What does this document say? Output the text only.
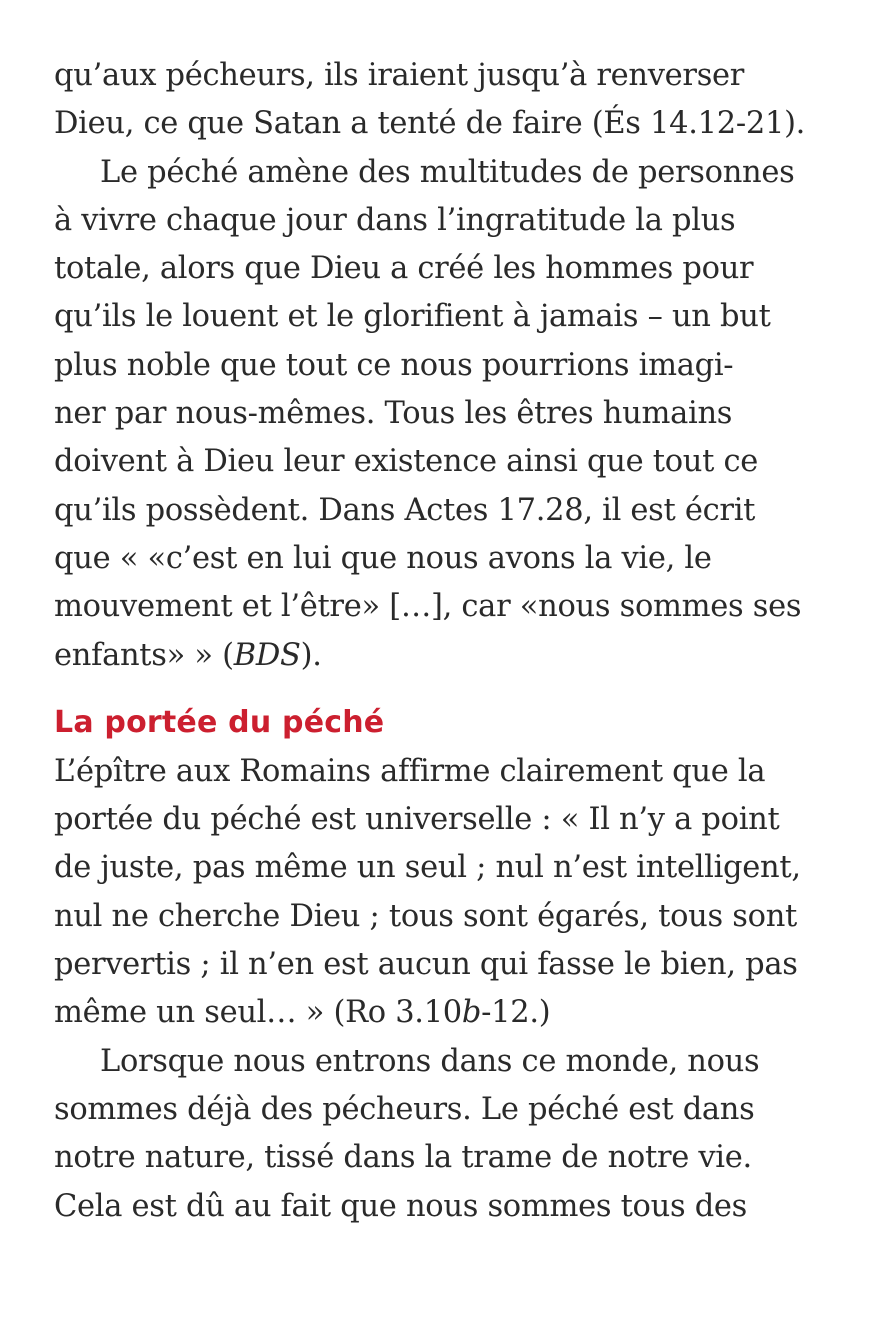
qu’aux pécheurs, ils iraient jusqu’à renverser
Dieu, ce que Satan a tenté de faire (És 14.12-21).
Le péché amène des multitudes de personnes
à vivre chaque jour dans l’ingratitude la plus
totale, alors que Dieu a créé les hommes pour
qu’ils le louent et le glorifient à jamais – un but
plus noble que tout ce nous pourrions imagi-
ner par nous-mêmes. Tous les êtres humains
doivent à Dieu leur existence ainsi que tout ce
qu’ils possèdent. Dans Actes 17.28, il est écrit
que « «c’est en lui que nous avons la vie, le
mouvement et l’être» […], car «nous sommes ses
enfants» » (BDS).
La portée du péché
L’épître aux Romains affirme clairement que la
portée du péché est universelle : « Il n’y a point
de juste, pas même un seul ; nul n’est intelligent,
nul ne cherche Dieu ; tous sont égarés, tous sont
pervertis ; il n’en est aucun qui fasse le bien, pas
même un seul… » (Ro 3.10b-12.)
Lorsque nous entrons dans ce monde, nous
sommes déjà des pécheurs. Le péché est dans
notre nature, tissé dans la trame de notre vie.
Cela est dû au fait que nous sommes tous des
